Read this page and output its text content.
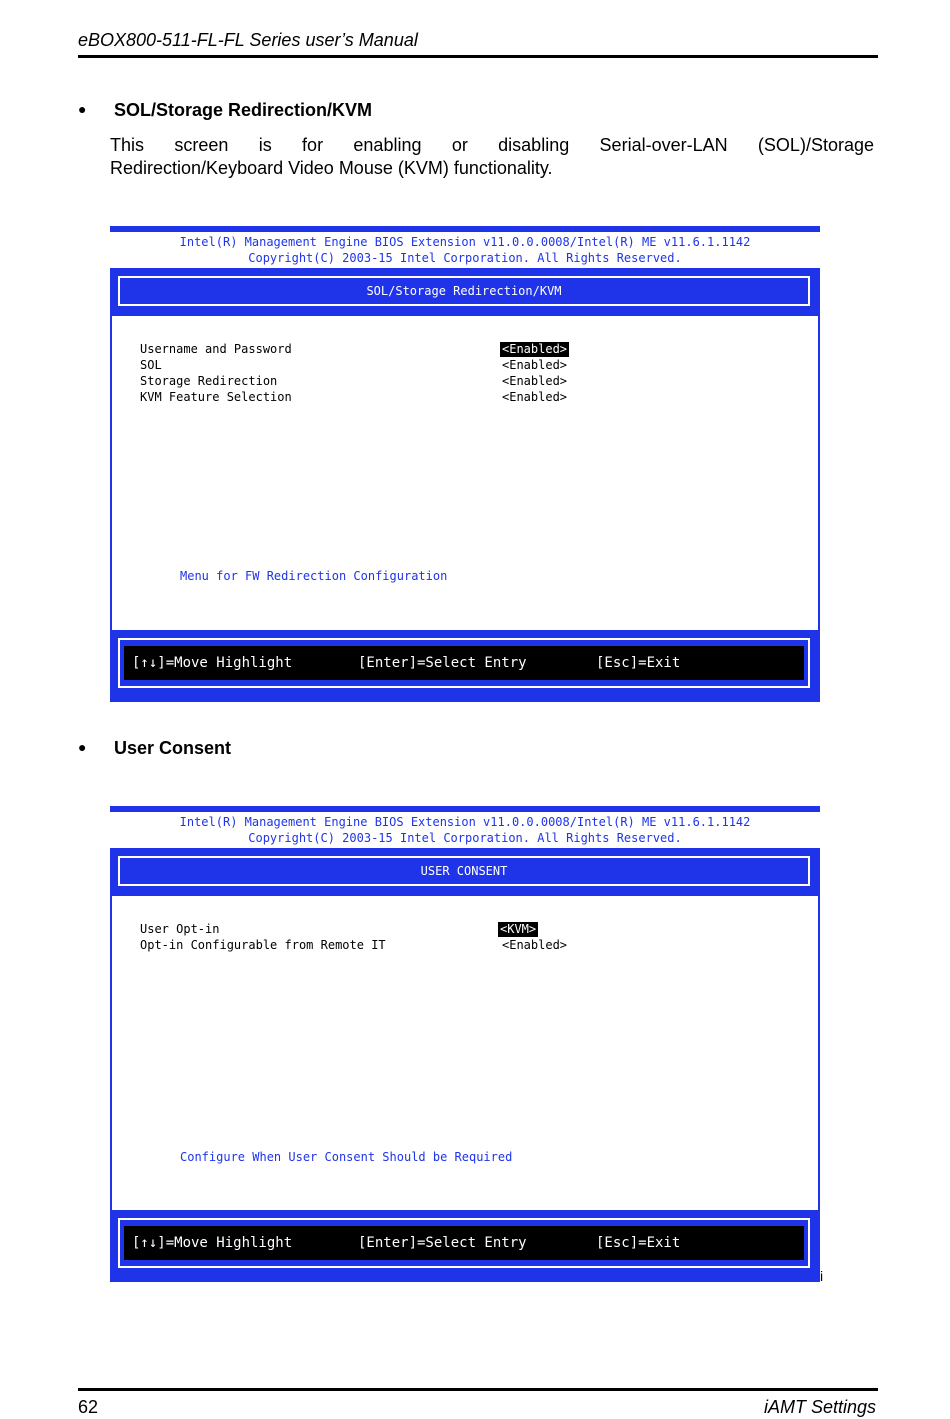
eBOX800-511-FL-FL Series user’s Manual
● SOL/Storage Redirection/KVM
This screen is for enabling or disabling Serial-over-LAN (SOL)/Storage
Redirection/Keyboard Video Mouse (KVM) functionality.
Intel(R) Management Engine BIOS Extension v11.0.0.0008/Intel(R) ME v11.6.1.1142
Copyright(C) 2003-15 Intel Corporation. All Rights Reserved.
SOL/Storage Redirection/KVM
Username and Password	<Enabled>
SOL	<Enabled>
Storage Redirection	<Enabled>
KVM Feature Selection	<Enabled>
Menu for FW Redirection Configuration
[↑↓]=Move Highlight	[Enter]=Select Entry	[Esc]=Exit
● User Consent
Intel(R) Management Engine BIOS Extension v11.0.0.0008/Intel(R) ME v11.6.1.1142
Copyright(C) 2003-15 Intel Corporation. All Rights Reserved.
USER CONSENT
User Opt-in	<KVM>
Opt-in Configurable from Remote IT	<Enabled>
Configure When User Consent Should be Required
[↑↓]=Move Highlight	[Enter]=Select Entry	[Esc]=Exit
i
62	iAMT Settings
